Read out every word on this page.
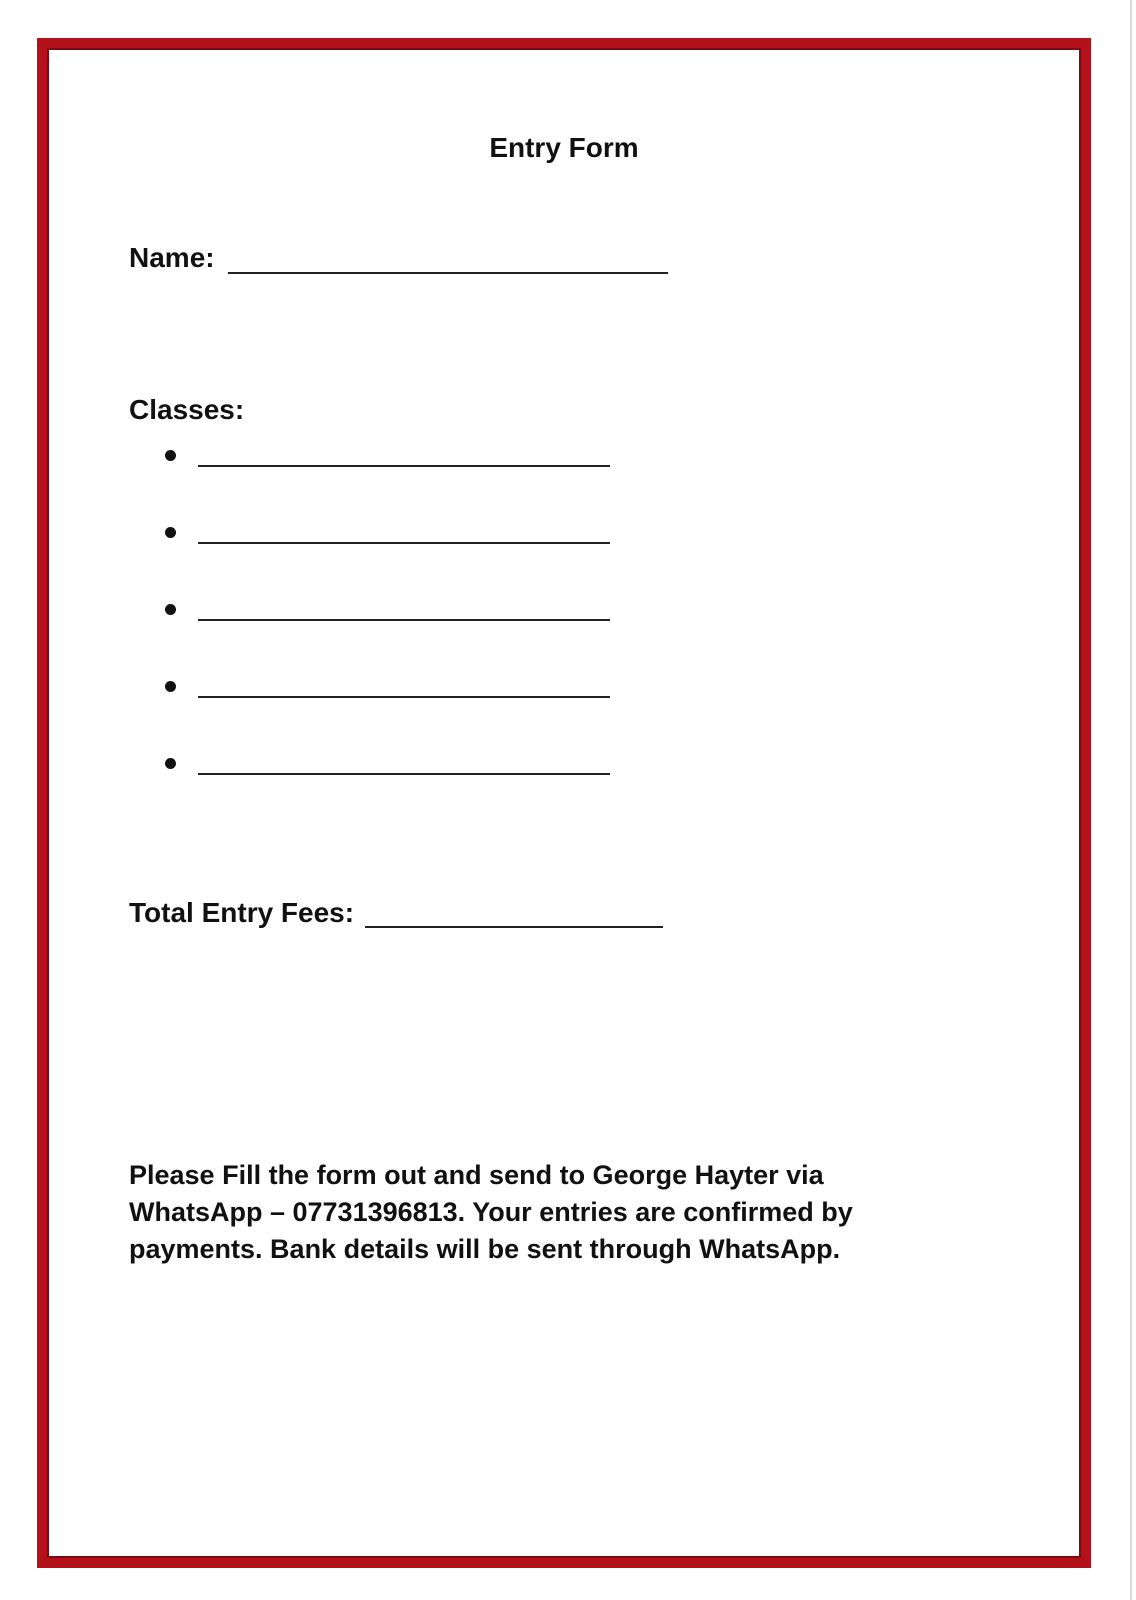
Entry Form
Name:
Classes:
Total Entry Fees:

Please Fill the form out and send to George Hayter via WhatsApp – 07731396813. Your entries are confirmed by payments. Bank details will be sent through WhatsApp.
